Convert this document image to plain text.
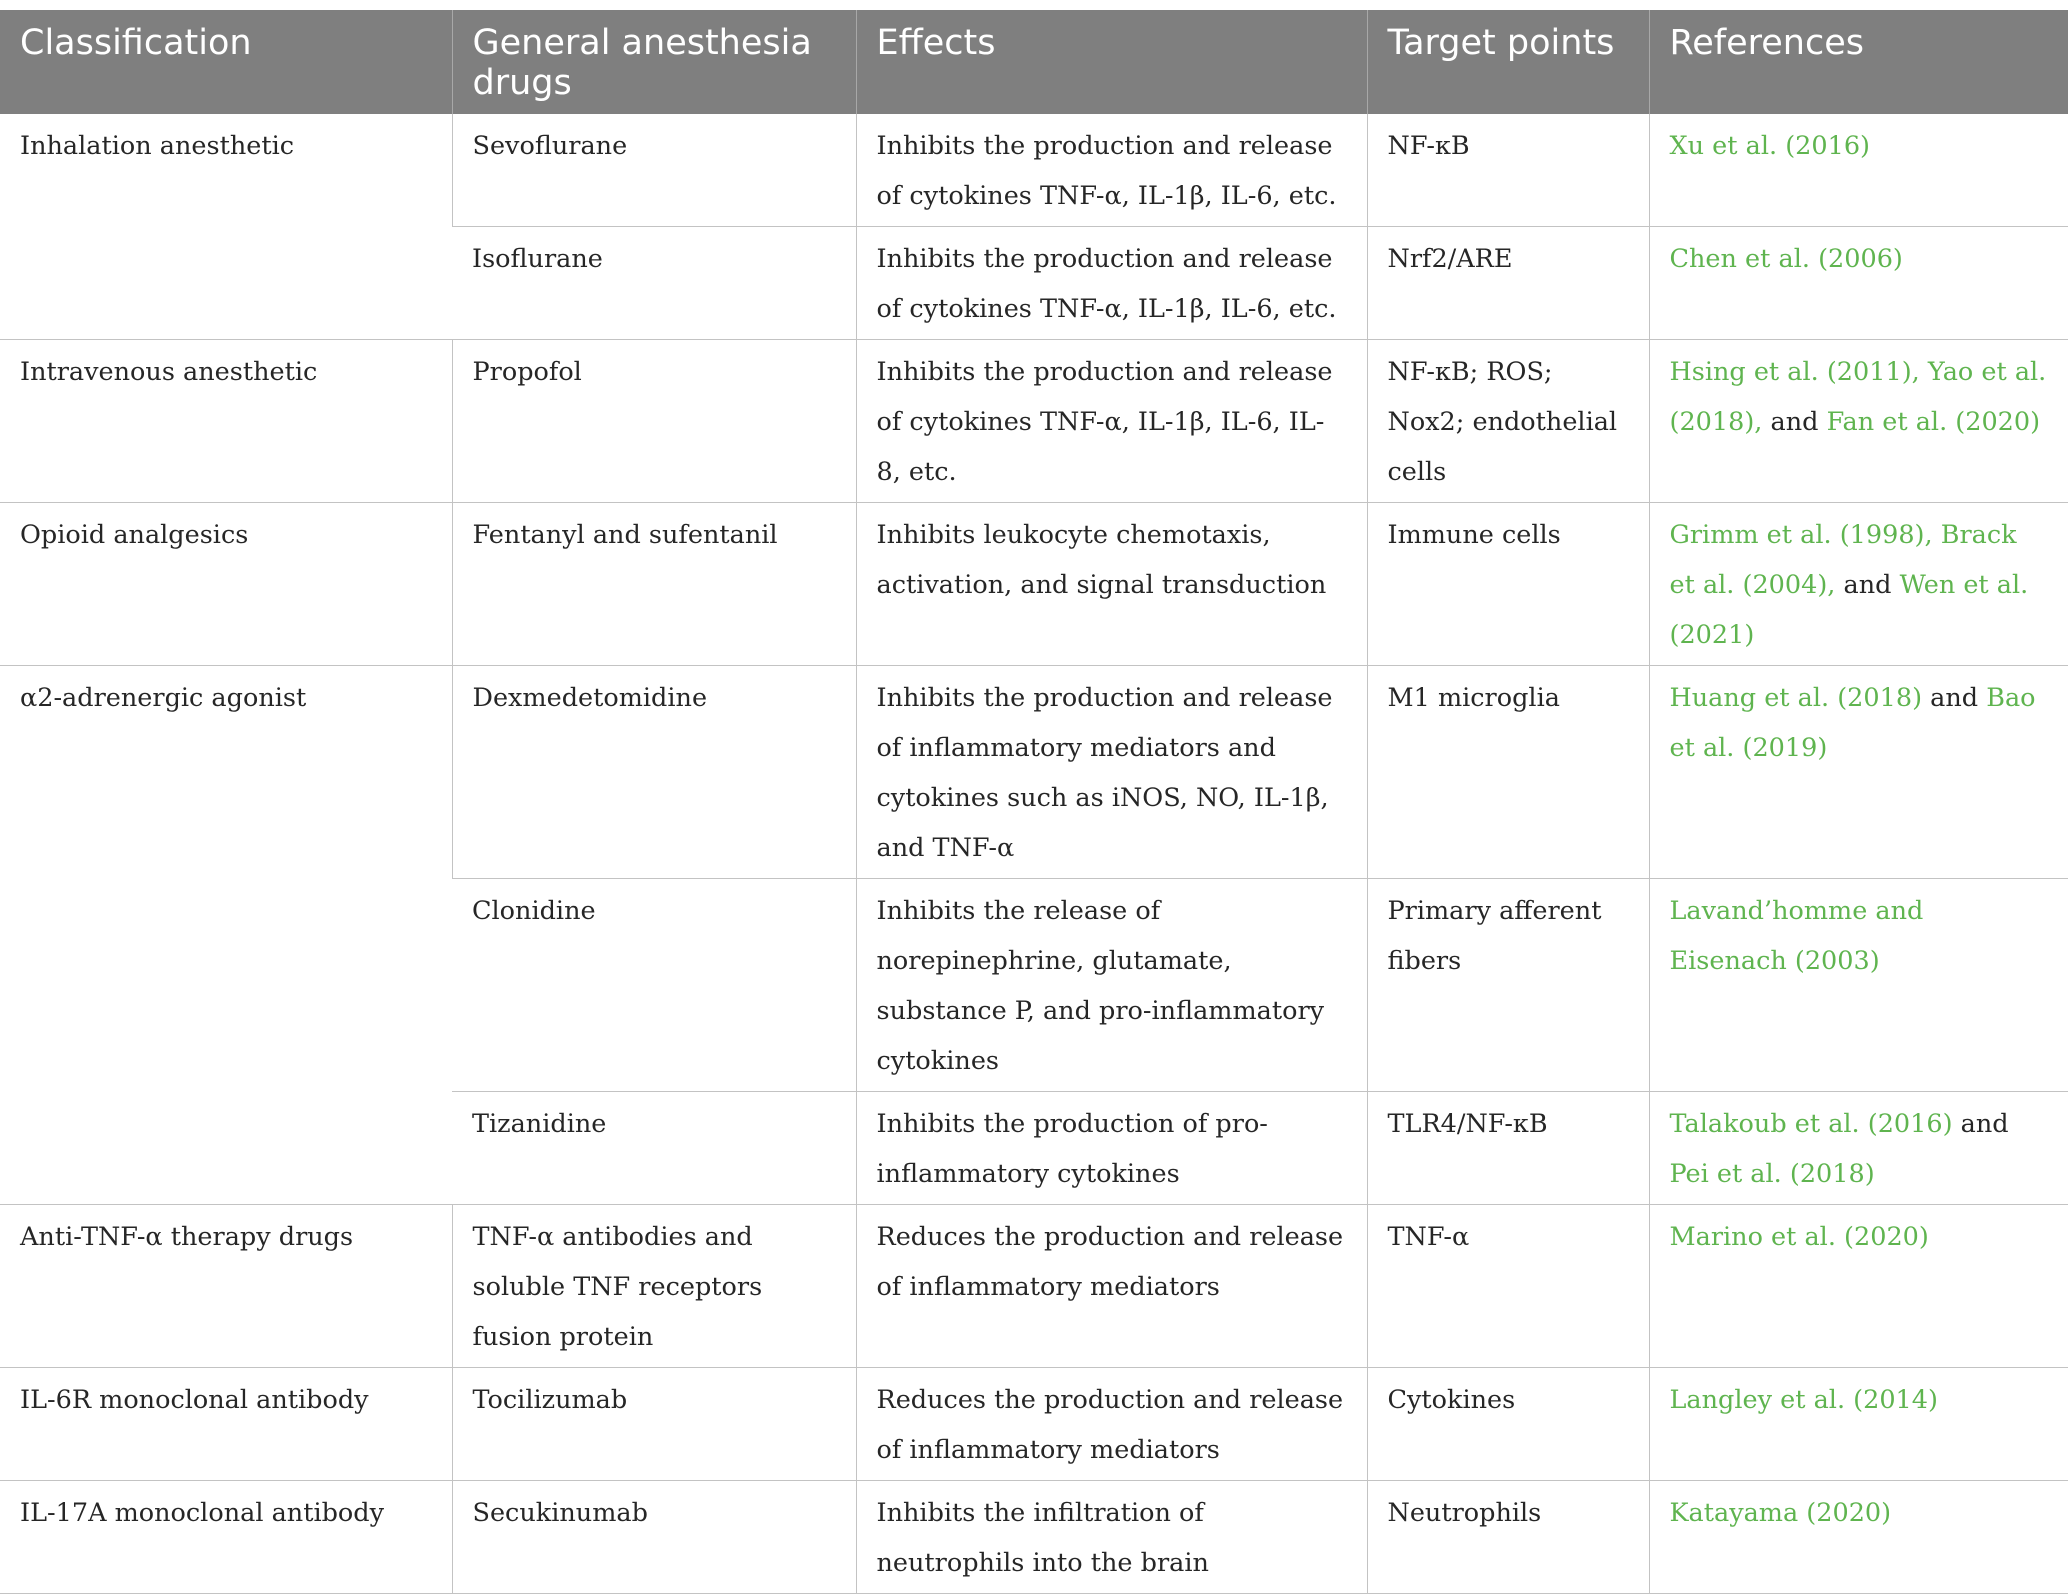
Classification	General anesthesia drugs	Effects	Target points	References
Inhalation anesthetic	Sevoflurane	Inhibits the production and release of cytokines TNF-α, IL-1β, IL-6, etc.	NF-κB	Xu et al. (2016)
	Isoflurane	Inhibits the production and release of cytokines TNF-α, IL-1β, IL-6, etc.	Nrf2/ARE	Chen et al. (2006)
Intravenous anesthetic	Propofol	Inhibits the production and release of cytokines TNF-α, IL-1β, IL-6, IL-8, etc.	NF-κB; ROS; Nox2; endothelial cells	Hsing et al. (2011), Yao et al. (2018), and Fan et al. (2020)
Opioid analgesics	Fentanyl and sufentanil	Inhibits leukocyte chemotaxis, activation, and signal transduction	Immune cells	Grimm et al. (1998), Brack et al. (2004), and Wen et al. (2021)
α2-adrenergic agonist	Dexmedetomidine	Inhibits the production and release of inflammatory mediators and cytokines such as iNOS, NO, IL-1β, and TNF-α	M1 microglia	Huang et al. (2018) and Bao et al. (2019)
	Clonidine	Inhibits the release of norepinephrine, glutamate, substance P, and pro-inflammatory cytokines	Primary afferent fibers	Lavand’homme and Eisenach (2003)
	Tizanidine	Inhibits the production of pro-inflammatory cytokines	TLR4/NF-κB	Talakoub et al. (2016) and Pei et al. (2018)
Anti-TNF-α therapy drugs	TNF-α antibodies and soluble TNF receptors fusion protein	Reduces the production and release of inflammatory mediators	TNF-α	Marino et al. (2020)
IL-6R monoclonal antibody	Tocilizumab	Reduces the production and release of inflammatory mediators	Cytokines	Langley et al. (2014)
IL-17A monoclonal antibody	Secukinumab	Inhibits the infiltration of neutrophils into the brain	Neutrophils	Katayama (2020)
